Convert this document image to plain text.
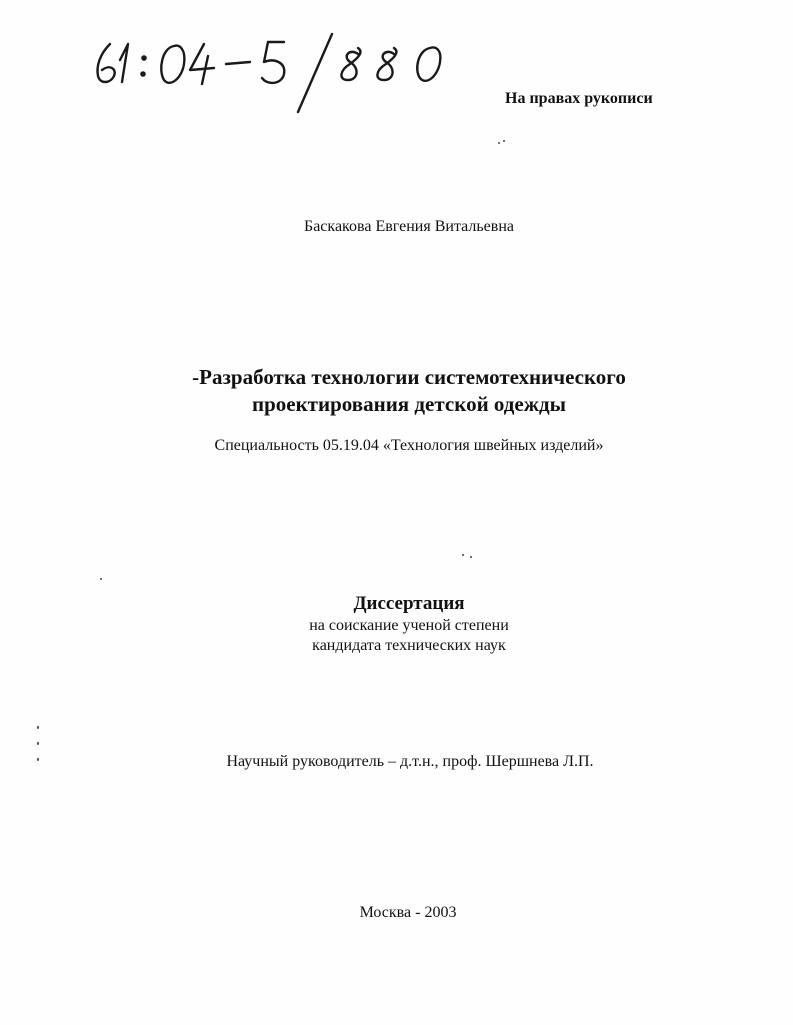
На правах рукописи
Баскакова Евгения Витальевна
-Разработка технологии системотехнического
проектирования детской одежды
Специальность 05.19.04 «Технология швейных изделий»
Диссертация
на соискание ученой степени
кандидата технических наук
Научный руководитель – д.т.н., проф. Шершнева Л.П.
Москва - 2003
